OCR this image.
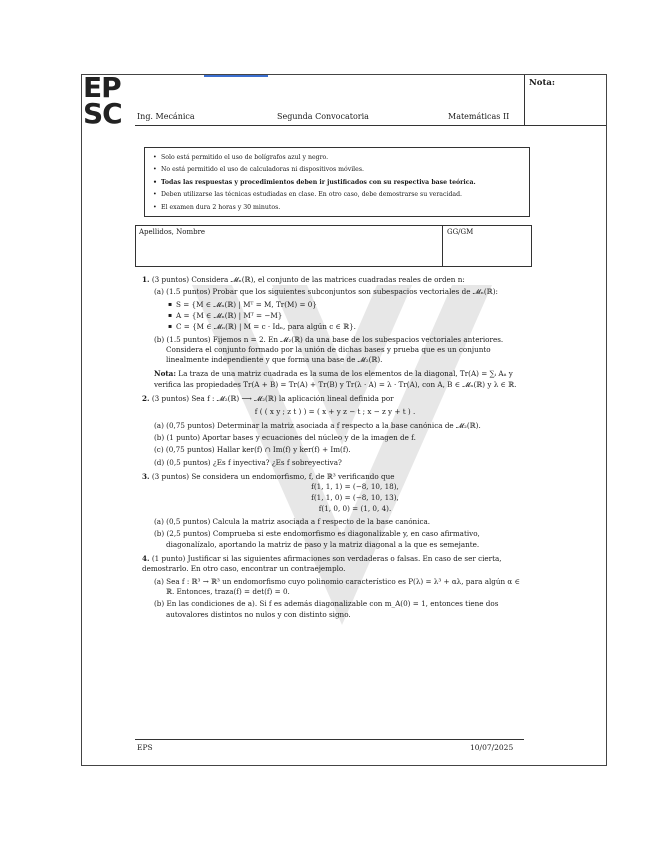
EP
SC
Nota:
Ing. Mecánica	Segunda Convocatoria	Matemáticas II
• Solo está permitido el uso de bolígrafos azul y negro.
• No está permitido el uso de calculadoras ni dispositivos móviles.
• Todas las respuestas y procedimientos deben ir justificados con su respectiva base teórica.
• Deben utilizarse las técnicas estudiadas en clase. En otro caso, debe demostrarse su veracidad.
• El examen dura 2 horas y 30 minutos.
Apellidos, Nombre	GG/GM
1. (3 puntos) Considera 𝓜ₙ(ℝ), el conjunto de las matrices cuadradas reales de orden n:
(a) (1.5 puntos) Probar que los siguientes subconjuntos son subespacios vectoriales de 𝓜ₙ(ℝ):
▪ S = {M ∈ 𝓜ₙ(ℝ) | Mᵀ = M, Tr(M) = 0}
▪ A = {M ∈ 𝓜ₙ(ℝ) | Mᵀ = −M}
▪ C = {M ∈ 𝓜ₙ(ℝ) | M = c · Idₙ, para algún c ∈ ℝ}.
(b) (1.5 puntos) Fijemos n = 2. En 𝓜₂(ℝ) da una base de los subespacios vectoriales anteriores. Considera el conjunto formado por la unión de dichas bases y prueba que es un conjunto linealmente independiente y que forma una base de 𝓜₂(ℝ).
Nota: La traza de una matriz cuadrada es la suma de los elementos de la diagonal, Tr(A) = ∑ᵢ Aᵢᵢ y verifica las propiedades Tr(A + B) = Tr(A) + Tr(B) y Tr(λ · A) = λ · Tr(A), con A, B ∈ 𝓜ₙ(ℝ) y λ ∈ ℝ.
2. (3 puntos) Sea f : 𝓜₂(ℝ) ⟶ 𝓜₂(ℝ) la aplicación lineal definida por
f ( ( x y ; z t ) ) = ( x + y z − t ; x − z y + t ) .
(a) (0,75 puntos) Determinar la matriz asociada a f respecto a la base canónica de 𝓜₂(ℝ).
(b) (1 punto) Aportar bases y ecuaciones del núcleo y de la imagen de f.
(c) (0,75 puntos) Hallar ker(f) ∩ Im(f) y ker(f) + Im(f).
(d) (0,5 puntos) ¿Es f inyectiva? ¿Es f sobreyectiva?
3. (3 puntos) Se considera un endomorfismo, f, de ℝ³ verificando que
f(1, 1, 1) = (−8, 10, 18),
f(1, 1, 0) = (−8, 10, 13),
f(1, 0, 0) = (1, 0, 4).
(a) (0,5 puntos) Calcula la matriz asociada a f respecto de la base canónica.
(b) (2,5 puntos) Comprueba si este endomorfismo es diagonalizable y, en caso afirmativo, diagonalízalo, aportando la matriz de paso y la matriz diagonal a la que es semejante.
4. (1 punto) Justificar si las siguientes afirmaciones son verdaderas o falsas. En caso de ser cierta, demostrarlo. En otro caso, encontrar un contraejemplo.
(a) Sea f : ℝ³ → ℝ³ un endomorfismo cuyo polinomio característico es P(λ) = λ³ + αλ, para algún α ∈ ℝ. Entonces, traza(f) = det(f) = 0.
(b) En las condiciones de a). Si f es además diagonalizable con m_A(0) = 1, entonces tiene dos autovalores distintos no nulos y con distinto signo.
EPS	10/07/2025
